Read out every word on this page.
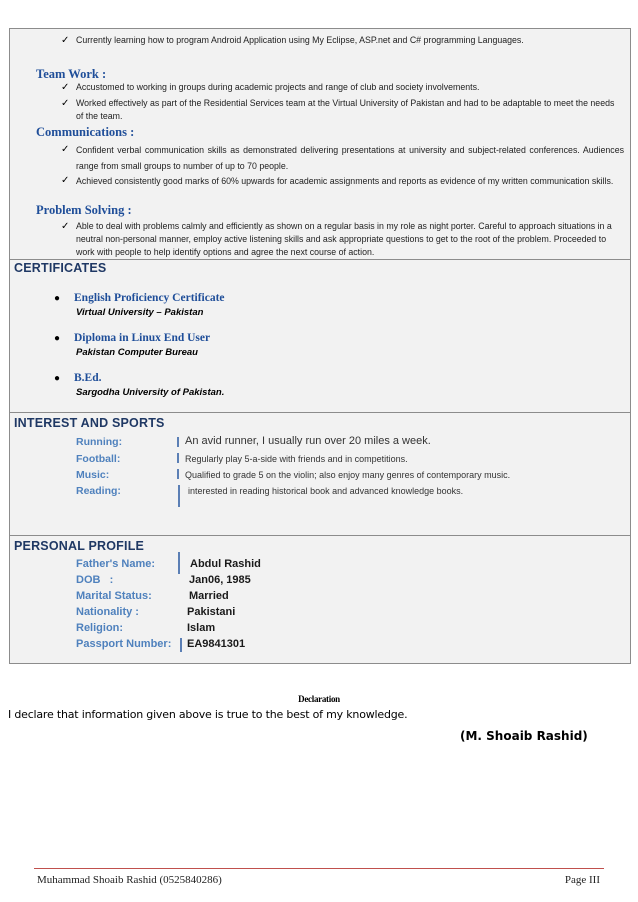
✓ Currently learning how to program Android Application using My Eclipse, ASP.net and C# programming Languages.
Team Work :
✓ Accustomed to working in groups during academic projects and range of club and society involvements.
✓ Worked effectively as part of the Residential Services team at the Virtual University of Pakistan and had to be adaptable to meet the needs of the team.
Communications :
✓ Confident verbal communication skills as demonstrated delivering presentations at university and subject-related conferences. Audiences range from small groups to number of up to 70 people.
✓ Achieved consistently good marks of 60% upwards for academic assignments and reports as evidence of my written communication skills.
Problem Solving :
✓ Able to deal with problems calmly and efficiently as shown on a regular basis in my role as night porter. Careful to approach situations in a neutral non-personal manner, employ active listening skills and ask appropriate questions to get to the root of the problem. Proceeded to work with people to help identify options and agree the next course of action.
CERTIFICATES
● English Proficiency Certificate
Virtual University – Pakistan
● Diploma in Linux End User
Pakistan Computer Bureau
● B.Ed.
Sargodha University of Pakistan.
INTEREST AND SPORTS
Running:	An avid runner, I usually run over 20 miles a week.
Football:	Regularly play 5-a-side with friends and in competitions.
Music:	Qualified to grade 5 on the violin; also enjoy many genres of contemporary music.
Reading:	interested in reading historical book and advanced knowledge books.
PERSONAL PROFILE
Father's Name:	Abdul Rashid
DOB   :	Jan06, 1985
Marital Status:	Married
Nationality :	Pakistani
Religion:	Islam
Passport Number: EA9841301
Declaration
I declare that information given above is true to the best of my knowledge.
(M. Shoaib Rashid)
Muhammad Shoaib Rashid (0525840286)	Page III
